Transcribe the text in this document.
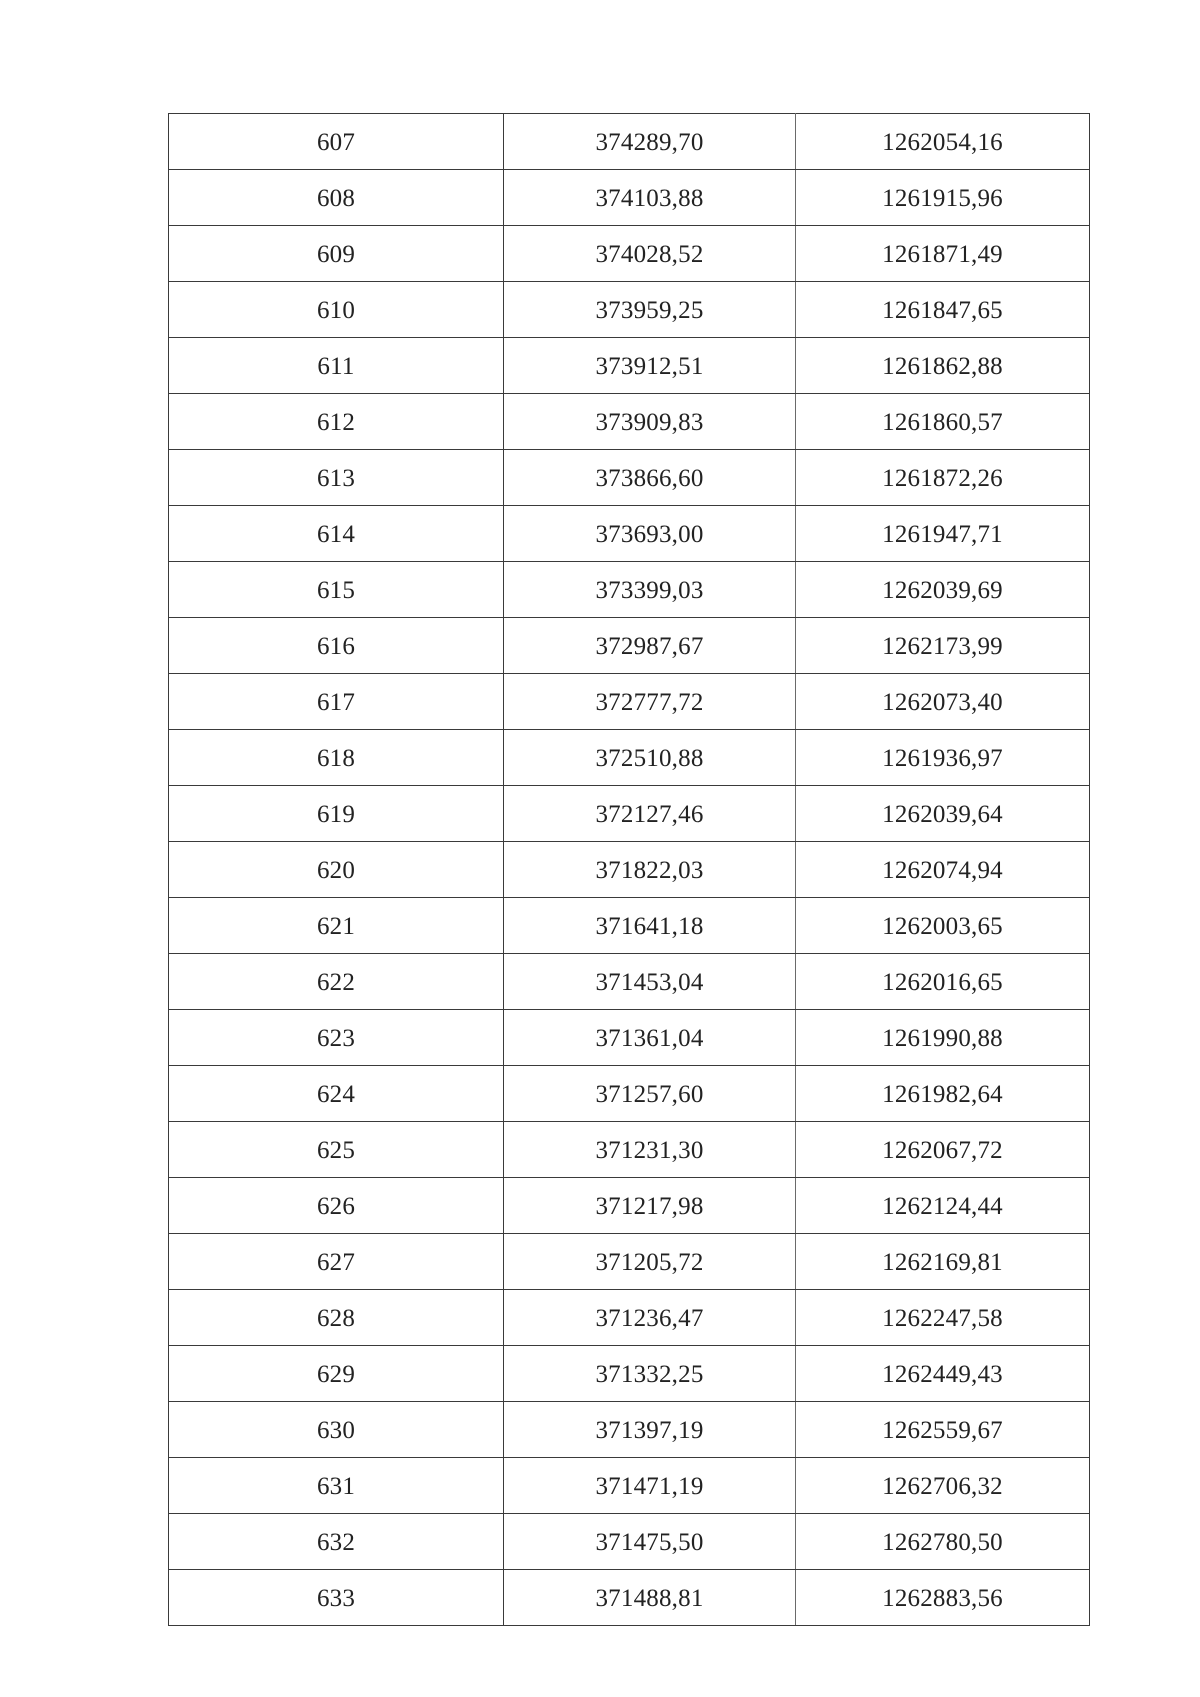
607	374289,70	1262054,16
608	374103,88	1261915,96
609	374028,52	1261871,49
610	373959,25	1261847,65
611	373912,51	1261862,88
612	373909,83	1261860,57
613	373866,60	1261872,26
614	373693,00	1261947,71
615	373399,03	1262039,69
616	372987,67	1262173,99
617	372777,72	1262073,40
618	372510,88	1261936,97
619	372127,46	1262039,64
620	371822,03	1262074,94
621	371641,18	1262003,65
622	371453,04	1262016,65
623	371361,04	1261990,88
624	371257,60	1261982,64
625	371231,30	1262067,72
626	371217,98	1262124,44
627	371205,72	1262169,81
628	371236,47	1262247,58
629	371332,25	1262449,43
630	371397,19	1262559,67
631	371471,19	1262706,32
632	371475,50	1262780,50
633	371488,81	1262883,56
